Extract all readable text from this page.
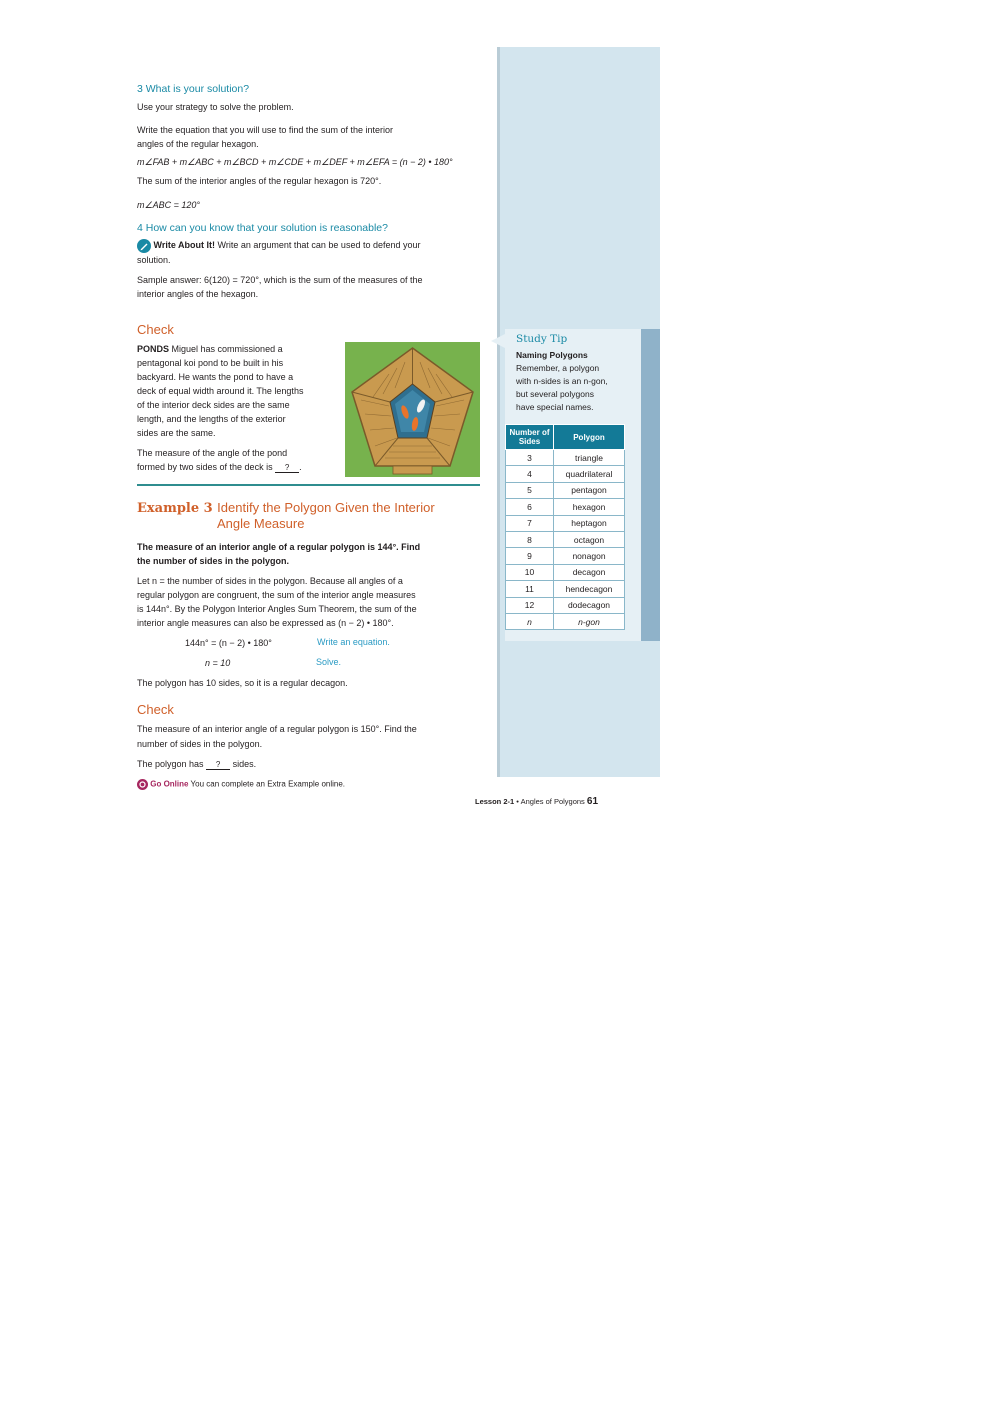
3 What is your solution?
Use your strategy to solve the problem.
Write the equation that you will use to find the sum of the interior
angles of the regular hexagon.
m∠FAB + m∠ABC + m∠BCD + m∠CDE + m∠DEF + m∠EFA = (n − 2) • 180°
The sum of the interior angles of the regular hexagon is 720°.
m∠ABC = 120°
4 How can you know that your solution is reasonable?
Write About It! Write an argument that can be used to defend your
solution.
Sample answer: 6(120) = 720°, which is the sum of the measures of the
interior angles of the hexagon.
Check
PONDS Miguel has commissioned a
pentagonal koi pond to be built in his
backyard. He wants the pond to have a
deck of equal width around it. The lengths
of the interior deck sides are the same
length, and the lengths of the exterior
sides are the same.
The measure of the angle of the pond
formed by two sides of the deck is ? .
Example 3 Identify the Polygon Given the Interior
Angle Measure
The measure of an interior angle of a regular polygon is 144°. Find
the number of sides in the polygon.
Let n = the number of sides in the polygon. Because all angles of a
regular polygon are congruent, the sum of the interior angle measures
is 144n°. By the Polygon Interior Angles Sum Theorem, the sum of the
interior angle measures can also be expressed as (n − 2) • 180°.
144n° = (n − 2) • 180°	Write an equation.
n = 10	Solve.
The polygon has 10 sides, so it is a regular decagon.
Check
The measure of an interior angle of a regular polygon is 150°. Find the
number of sides in the polygon.
The polygon has ? sides.
Go Online You can complete an Extra Example online.
Lesson 2-1 • Angles of Polygons 61
Study Tip
Naming Polygons
Remember, a polygon
with n-sides is an n-gon,
but several polygons
have special names.
Number of Sides	Polygon
3	triangle
4	quadrilateral
5	pentagon
6	hexagon
7	heptagon
8	octagon
9	nonagon
10	decagon
11	hendecagon
12	dodecagon
n	n-gon
